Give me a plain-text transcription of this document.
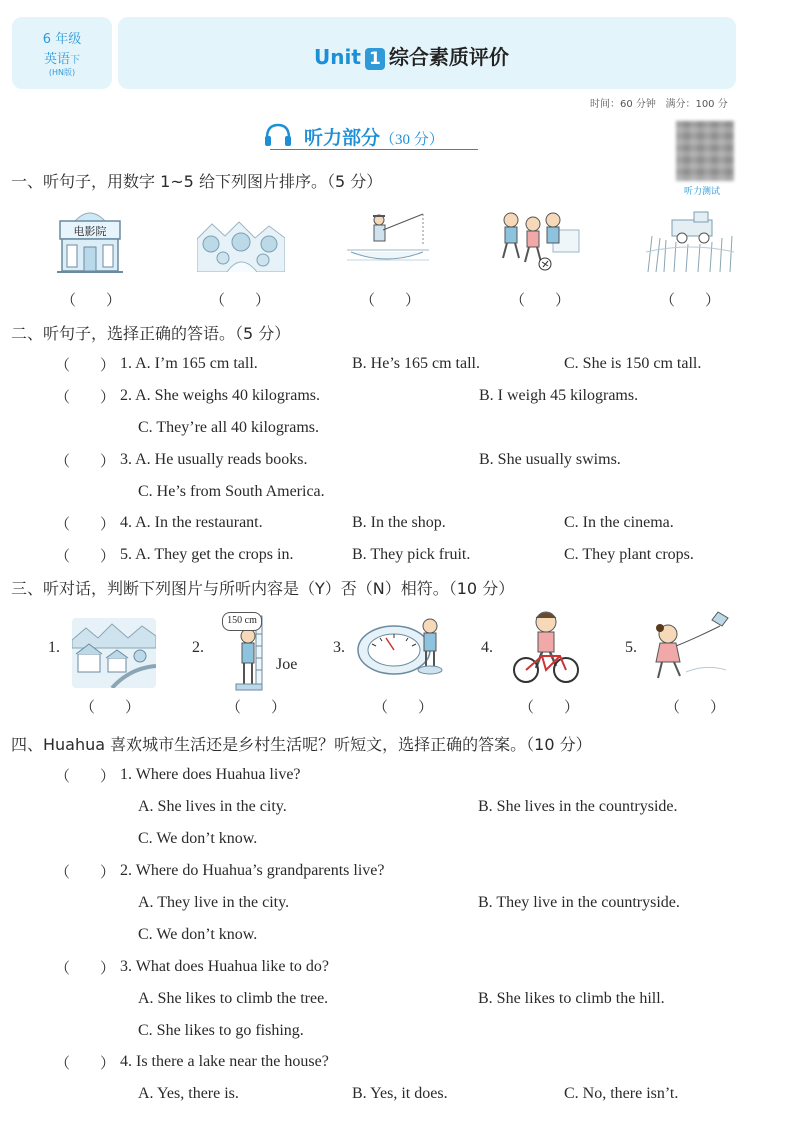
6 年级
英语下
(HN版)
Unit 1 综合素质评价
时间：60 分钟 满分：100 分
听力部分（30 分）
听力测试
一、听句子，用数字 1~5 给下列图片排序。（5 分）
电影院
（　　）	（　　）	（　　）	（　　）	（　　）
二、听句子，选择正确的答语。（5 分）
（　　） 1. A. I’m 165 cm tall.	B. He’s 165 cm tall.	C. She is 150 cm tall.
（　　） 2. A. She weighs 40 kilograms.	B. I weigh 45 kilograms.
C. They’re all 40 kilograms.
（　　） 3. A. He usually reads books.	B. She usually swims.
C. He’s from South America.
（　　） 4. A. In the restaurant.	B. In the shop.	C. In the cinema.
（　　） 5. A. They get the crops in.	B. They pick fruit.	C. They plant crops.
三、听对话，判断下列图片与所听内容是（Y）否（N）相符。（10 分）
1.	2.
150 cm
Joe
3.	4.	5.
（　　）	（　　）	（　　）	（　　）	（　　）
四、Huahua 喜欢城市生活还是乡村生活呢？听短文，选择正确的答案。（10 分）
（　　） 1. Where does Huahua live?
A. She lives in the city.	B. She lives in the countryside.
C. We don’t know.
（　　） 2. Where do Huahua’s grandparents live?
A. They live in the city.	B. They live in the countryside.
C. We don’t know.
（　　） 3. What does Huahua like to do?
A. She likes to climb the tree.	B. She likes to climb the hill.
C. She likes to go fishing.
（　　） 4. Is there a lake near the house?
A. Yes, there is.	B. Yes, it does.	C. No, there isn’t.
